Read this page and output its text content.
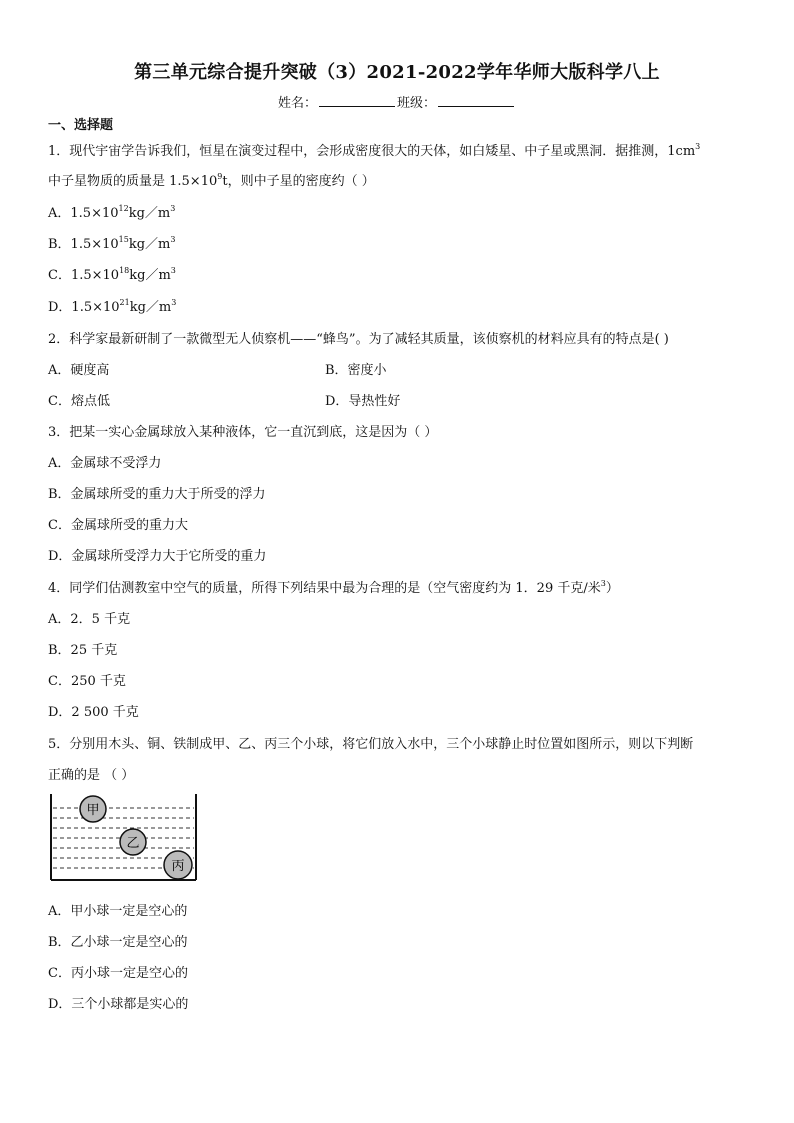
第三单元综合提升突破（3）2021-2022学年华师大版科学八上
姓名：	班级：
一、选择题
1．现代宇宙学告诉我们，恒星在演变过程中，会形成密度很大的天体，如白矮星、中子星或黑洞．据推测，$1cm^3$
中子星物质的质量是 $1.5\times 10^9t$，则中子星的密度约（ ）
A．$1.5\times 10^{12}kg/m^3$
B．$1.5\times 10^{15}kg/m^3$
C．$1.5\times 10^{18}kg/m^3$
D．$1.5\times 10^{21}kg/m^3$
2．科学家最新研制了一款微型无人侦察机——“蜂鸟”。为了减轻其质量，该侦察机的材料应具有的特点是( )
A．硬度高	B．密度小
C．熔点低	D．导热性好
3．把某一实心金属球放入某种液体，它一直沉到底，这是因为（ ）
A．金属球不受浮力
B．金属球所受的重力大于所受的浮力
C．金属球所受的重力大
D．金属球所受浮力大于它所受的重力
4．同学们估测教室中空气的质量，所得下列结果中最为合理的是（空气密度约为 1．29 千克/米$^3$）
A．2．5 千克
B．25 千克
C．250 千克
D．2 500 千克
5．分别用木头、铜、铁制成甲、乙、丙三个小球，将它们放入水中，三个小球静止时位置如图所示，则以下判断
正确的是 （ ）
甲
乙
丙
A．甲小球一定是空心的
B．乙小球一定是空心的
C．丙小球一定是空心的
D．三个小球都是实心的
